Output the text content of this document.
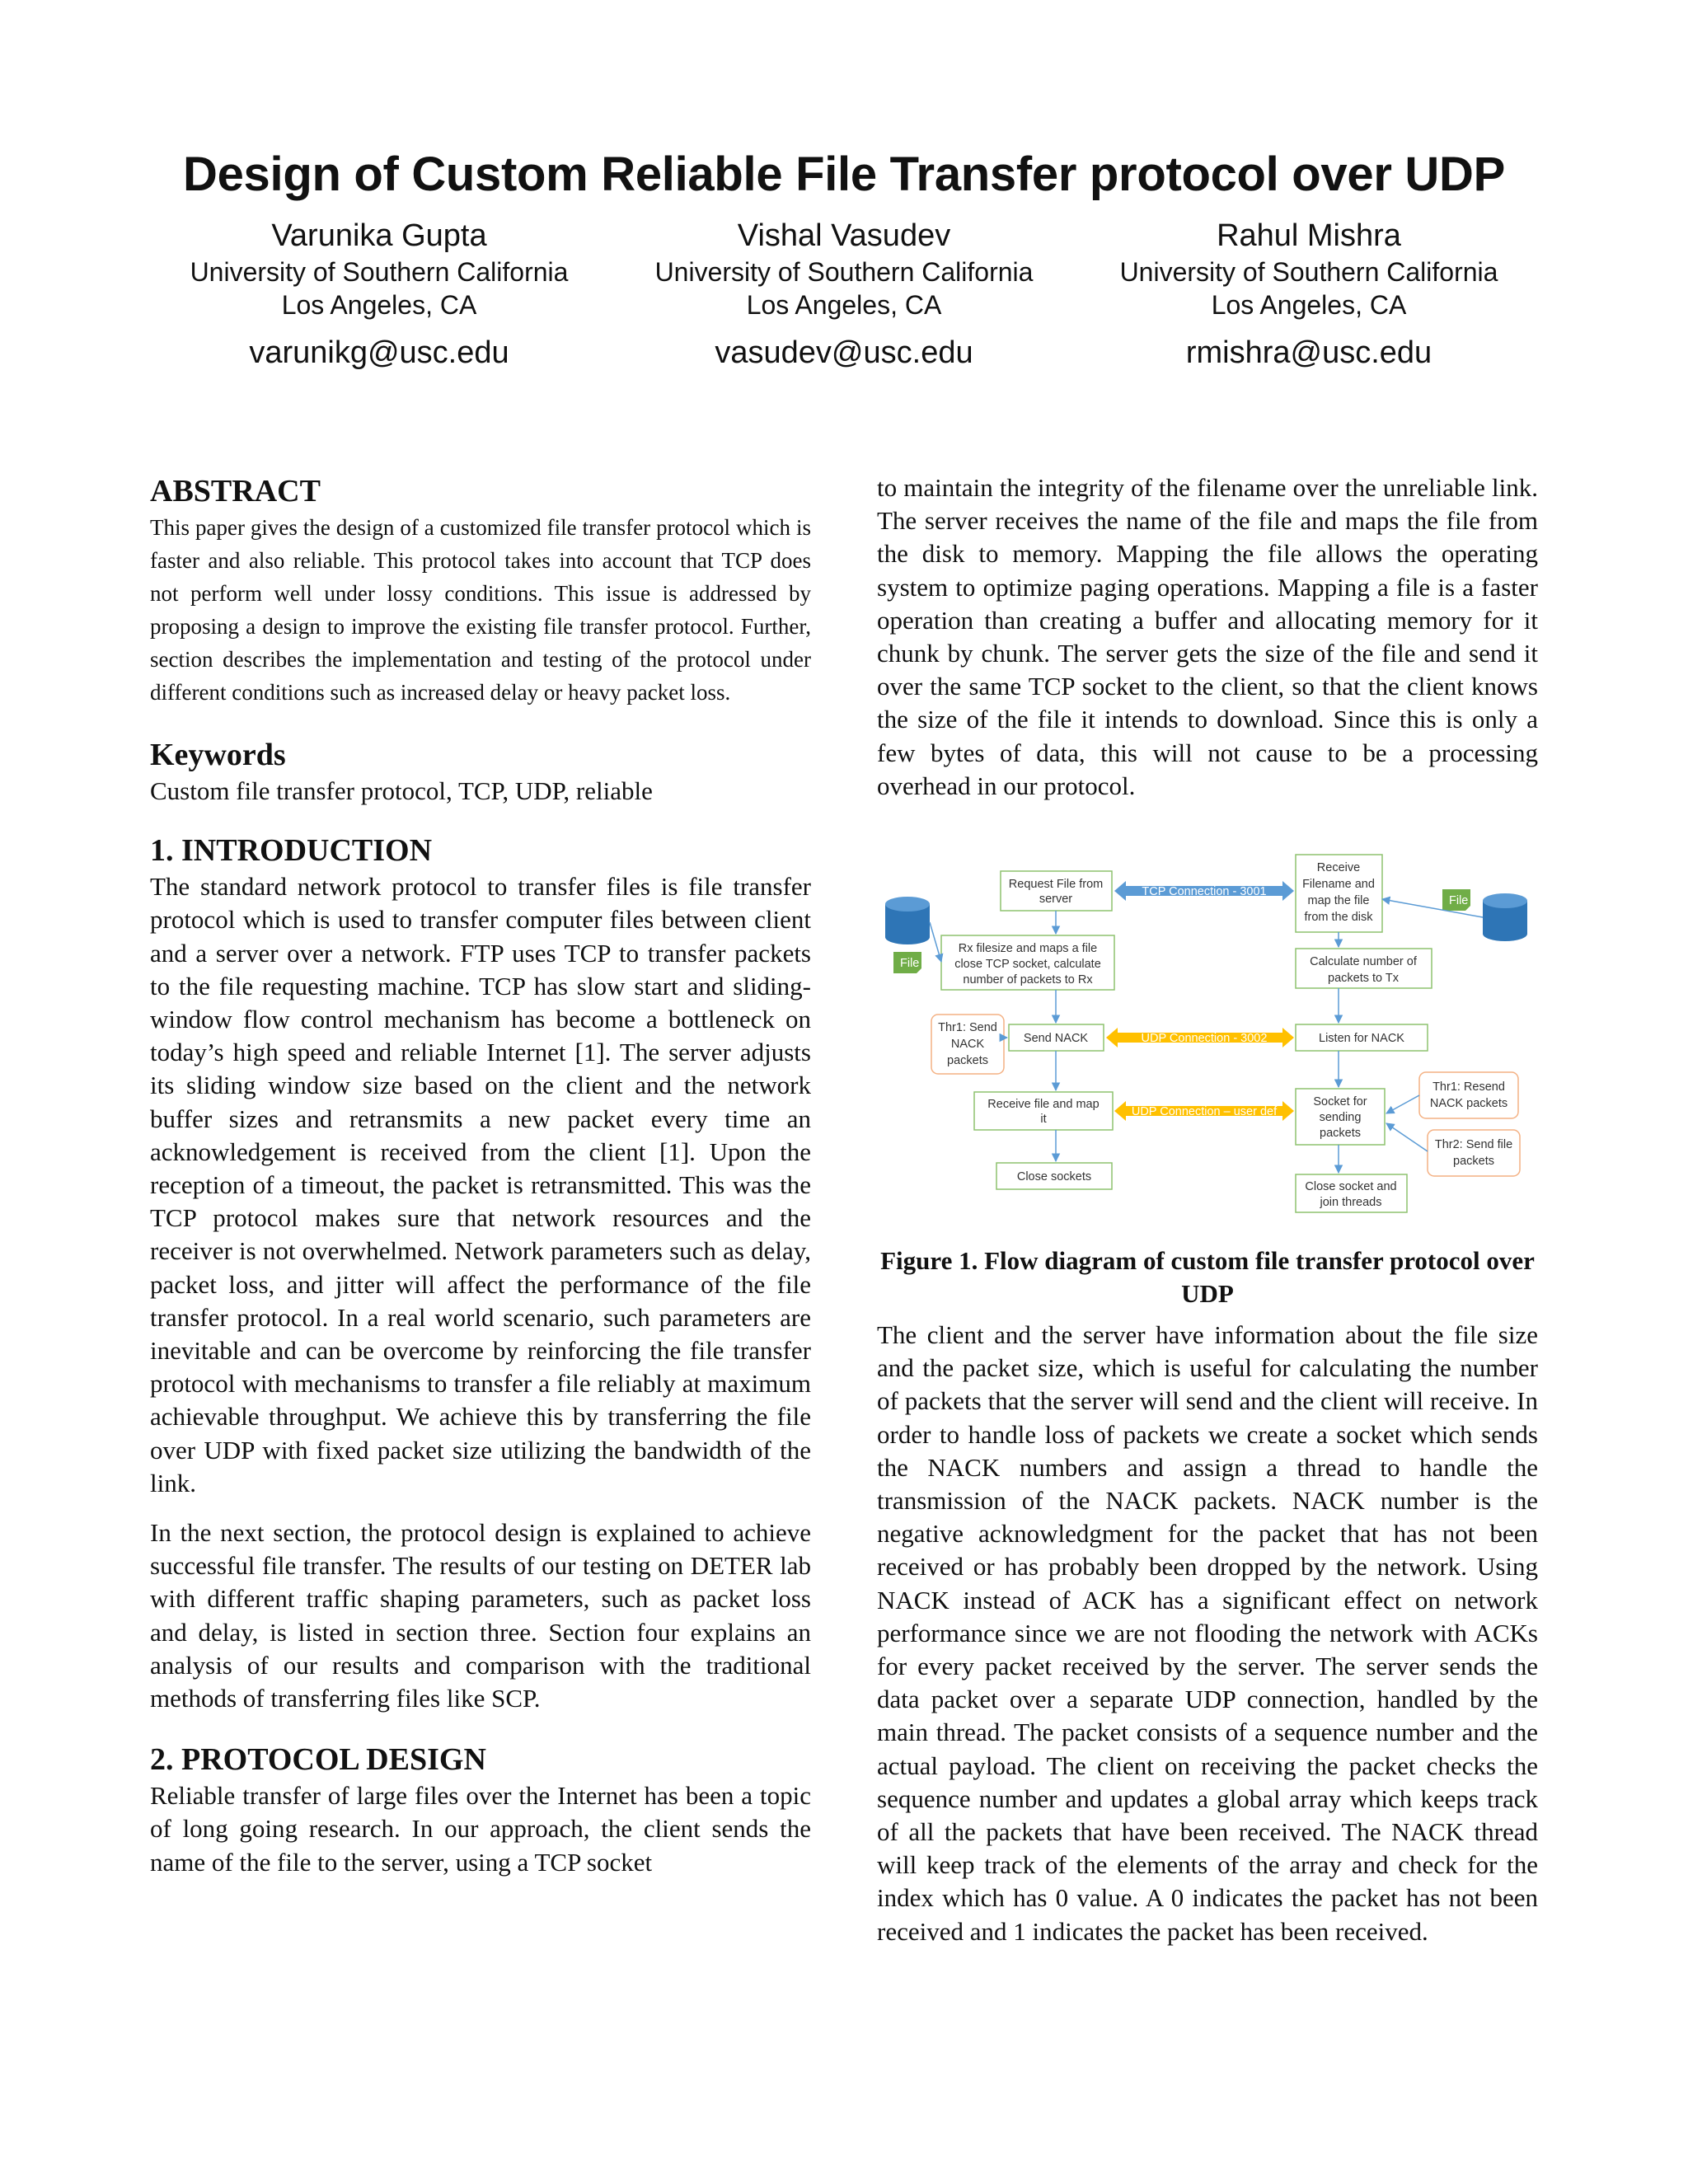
Design of Custom Reliable File Transfer protocol over UDP
Varunika Gupta
University of Southern California
Los Angeles, CA
varunikg@usc.edu
Vishal Vasudev
University of Southern California
Los Angeles, CA
vasudev@usc.edu
Rahul Mishra
University of Southern California
Los Angeles, CA
rmishra@usc.edu
ABSTRACT

This paper gives the design of a customized file transfer protocol which is faster and also reliable. This protocol takes into account that TCP does not perform well under lossy conditions. This issue is addressed by proposing a design to improve the existing file transfer protocol. Further, section describes the implementation and testing of the protocol under different conditions such as increased delay or heavy packet loss.

Keywords

Custom file transfer protocol, TCP, UDP, reliable

1. INTRODUCTION

The standard network protocol to transfer files is file transfer protocol which is used to transfer computer files between client and a server over a network. FTP uses TCP to transfer packets to the file requesting machine. TCP has slow start and sliding-window flow control mechanism has become a bottleneck on today’s high speed and reliable Internet [1]. The server adjusts its sliding window size based on the client and the network buffer sizes and retransmits a new packet every time an acknowledgement is received from the client [1]. Upon the reception of a timeout, the packet is retransmitted. This was the TCP protocol makes sure that network resources and the receiver is not overwhelmed. Network parameters such as delay, packet loss, and jitter will affect the performance of the file transfer protocol. In a real world scenario, such parameters are inevitable and can be overcome by reinforcing the file transfer protocol with mechanisms to transfer a file reliably at maximum achievable throughput. We achieve this by transferring the file over UDP with fixed packet size utilizing the bandwidth of the link.

In the next section, the protocol design is explained to achieve successful file transfer. The results of our testing on DETER lab with different traffic shaping parameters, such as packet loss and delay, is listed in section three. Section four explains an analysis of our results and comparison with the traditional methods of transferring files like SCP.

2. PROTOCOL DESIGN

Reliable transfer of large files over the Internet has been a topic of long going research. In our approach, the client sends the name of the file to the server, using a TCP socket

to maintain the integrity of the filename over the unreliable link. The server receives the name of the file and maps the file from the disk to memory. Mapping the file allows the operating system to optimize paging operations. Mapping a file is a faster operation than creating a buffer and allocating memory for it chunk by chunk. The server gets the size of the file and send it over the same TCP socket to the client, so that the client knows the size of the file it intends to download. Since this is only a few bytes of data, this will not cause to be a processing overhead in our protocol.

File
File
Request File from
server
Receive
Filename and
map the file
from the disk
Rx filesize and maps a file
close TCP socket, calculate
number of packets to Rx
Calculate number of
packets to Tx
Send NACK	Listen for NACK
Receive file and map
it
Socket for
sending
packets
Close sockets
Close socket and
join threads
Thr1: Send
NACK
packets
Thr1: Resend
NACK packets
Thr2: Send file
packets
TCP Connection - 3001
UDP Connection - 3002
UDP Connection – user def
Figure 1. Flow diagram of custom file transfer protocol over UDP

The client and the server have information about the file size and the packet size, which is useful for calculating the number of packets that the server will send and the client will receive. In order to handle loss of packets we create a socket which sends the NACK numbers and assign a thread to handle the transmission of the NACK packets. NACK number is the negative acknowledgment for the packet that has not been received or has probably been dropped by the network. Using NACK instead of ACK has a significant effect on network performance since we are not flooding the network with ACKs for every packet received by the server. The server sends the data packet over a separate UDP connection, handled by the main thread. The packet consists of a sequence number and the actual payload. The client on receiving the packet checks the sequence number and updates a global array which keeps track of all the packets that have been received. The NACK thread will keep track of the elements of the array and check for the index which has 0 value. A 0 indicates the packet has not been received and 1 indicates the packet has been received.
